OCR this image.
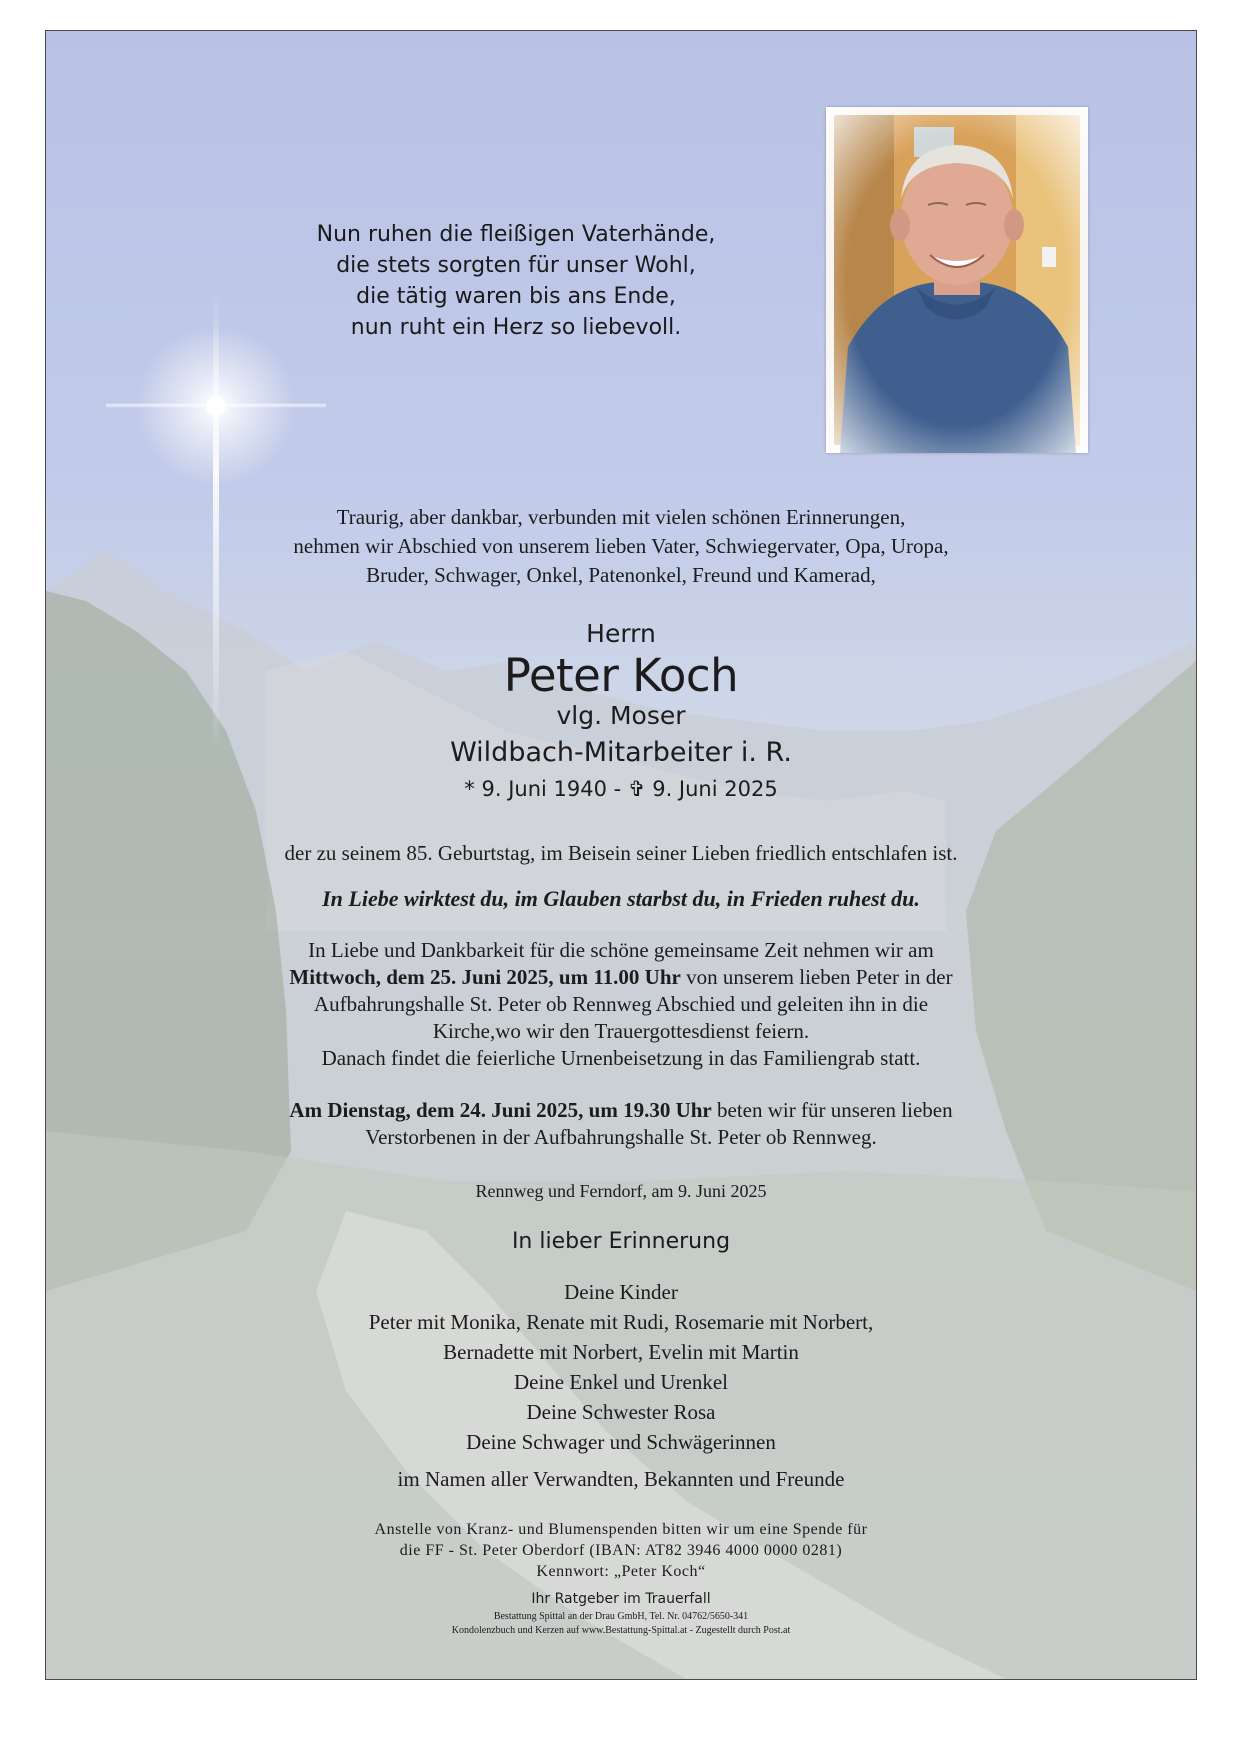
Nun ruhen die fleißigen Vaterhände,
die stets sorgten für unser Wohl,
die tätig waren bis ans Ende,
nun ruht ein Herz so liebevoll.
Traurig, aber dankbar, verbunden mit vielen schönen Erinnerungen,
nehmen wir Abschied von unserem lieben Vater, Schwiegervater, Opa, Uropa,
Bruder, Schwager, Onkel, Patenonkel, Freund und Kamerad,
Herrn
Peter Koch
vlg. Moser
Wildbach-Mitarbeiter i. R.
* 9. Juni 1940 - ✞ 9. Juni 2025
der zu seinem 85. Geburtstag, im Beisein seiner Lieben friedlich entschlafen ist.
In Liebe wirktest du, im Glauben starbst du, in Frieden ruhest du.
In Liebe und Dankbarkeit für die schöne gemeinsame Zeit nehmen wir am
Mittwoch, dem 25. Juni 2025, um 11.00 Uhr von unserem lieben Peter in der
Aufbahrungshalle St. Peter ob Rennweg Abschied und geleiten ihn in die
Kirche,wo wir den Trauergottesdienst feiern.
Danach findet die feierliche Urnenbeisetzung in das Familiengrab statt.
Am Dienstag, dem 24. Juni 2025, um 19.30 Uhr beten wir für unseren lieben
Verstorbenen in der Aufbahrungshalle St. Peter ob Rennweg.
Rennweg und Ferndorf, am 9. Juni 2025
In lieber Erinnerung
Deine Kinder
Peter mit Monika, Renate mit Rudi, Rosemarie mit Norbert,
Bernadette mit Norbert, Evelin mit Martin
Deine Enkel und Urenkel
Deine Schwester Rosa
Deine Schwager und Schwägerinnen
im Namen aller Verwandten, Bekannten und Freunde
Anstelle von Kranz- und Blumenspenden bitten wir um eine Spende für
die FF - St. Peter Oberdorf (IBAN: AT82 3946 4000 0000 0281)
Kennwort: „Peter Koch“
Ihr Ratgeber im Trauerfall
Bestattung Spittal an der Drau GmbH, Tel. Nr. 04762/5650-341
Kondolenzbuch und Kerzen auf www.Bestattung-Spittal.at - Zugestellt durch Post.at
